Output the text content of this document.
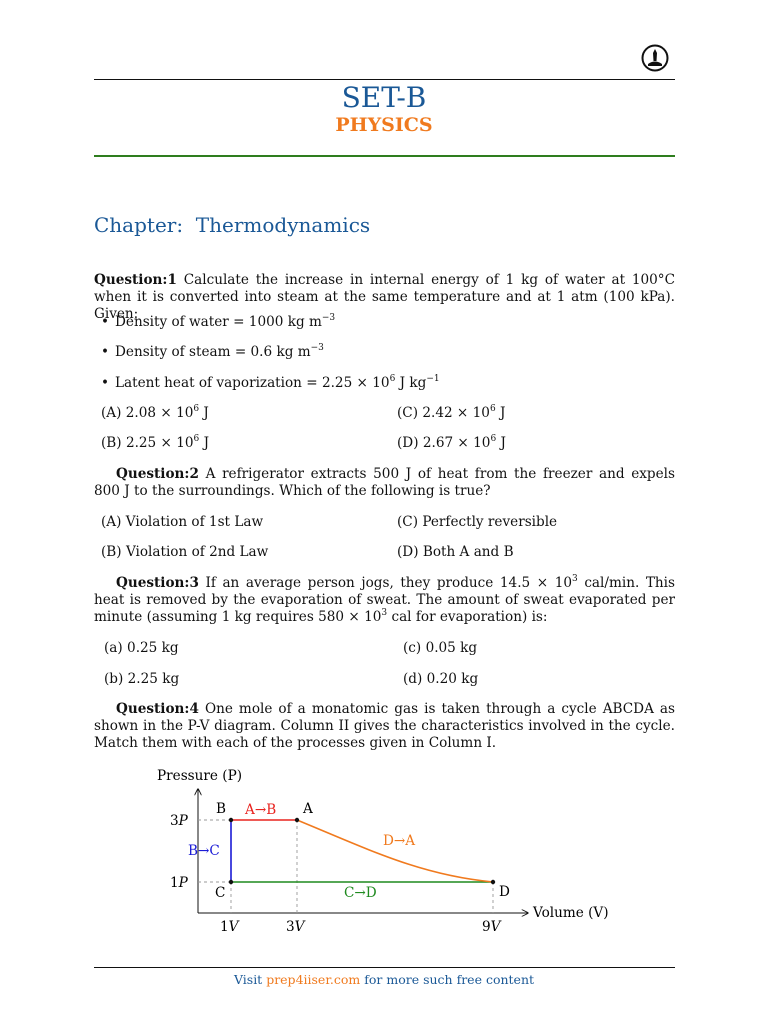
SET-B
PHYSICS
Chapter:  Thermodynamics
Question:1 Calculate the increase in internal energy of 1 kg of water at 100°C when it is converted into steam at the same temperature and at 1 atm (100 kPa). Given:
• Density of water = 1000 kg $m^{-3}$
• Density of steam = 0.6 kg $m^{-3}$
• Latent heat of vaporization = $2.25 \times 10^6$ J $kg^{-1}$
(A) $2.08 \times 10^6$ J	(C) $2.42 \times 10^6$ J
(B) $2.25 \times 10^6$ J	(D) $2.67 \times 10^6$ J
Question:2 A refrigerator extracts 500 J of heat from the freezer and expels 800 J to the surroundings. Which of the following is true?
(A) Violation of 1st Law	(C) Perfectly reversible
(B) Violation of 2nd Law	(D) Both A and B
Question:3 If an average person jogs, they produce $14.5 \times 10^3$ cal/min. This heat is removed by the evaporation of sweat. The amount of sweat evaporated per minute (assuming 1 kg requires $580 \times 10^3$ cal for evaporation) is:
(a) 0.25 kg	(c) 0.05 kg
(b) 2.25 kg	(d) 0.20 kg
Question:4 One mole of a monatomic gas is taken through a cycle ABCDA as shown in the P-V diagram. Column II gives the characteristics involved in the cycle. Match them with each of the processes given in Column I.
Pressure (P)
Volume (V)
3P
1P
1V	3V	9V
B	A
C	D
A→B
B→C
C→D
D→A
Visit prep4iiser.com for more such free content
